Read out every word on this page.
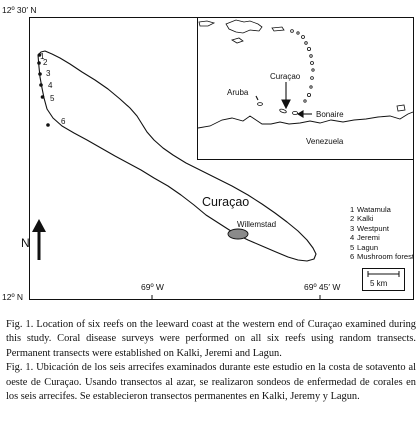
12º 30′ N
12º N
69º W	69º 45′ W
1
2
3
4
5
6
Curaçao
Willemstad
N
5 km
Curaçao
Aruba
Bonaire
Venezuela
1 Watamula
2 Kalki
3 Westpunt
4 Jeremi
5 Lagun
6 Mushroom forest

Fig. 1. Location of six reefs on the leeward coast at the western end of Curaçao examined during this study. Coral disease surveys were performed on all six reefs using random transects. Permanent transects were established on Kalki, Jeremi and Lagun.

Fig. 1. Ubicación de los seis arrecifes examinados durante este estudio en la costa de sotavento al oeste de Curaçao. Usando transectos al azar, se realizaron sondeos de enfermedad de corales en los seis arrecifes. Se establecieron transectos permanentes en Kalki, Jeremy y Lagun.
